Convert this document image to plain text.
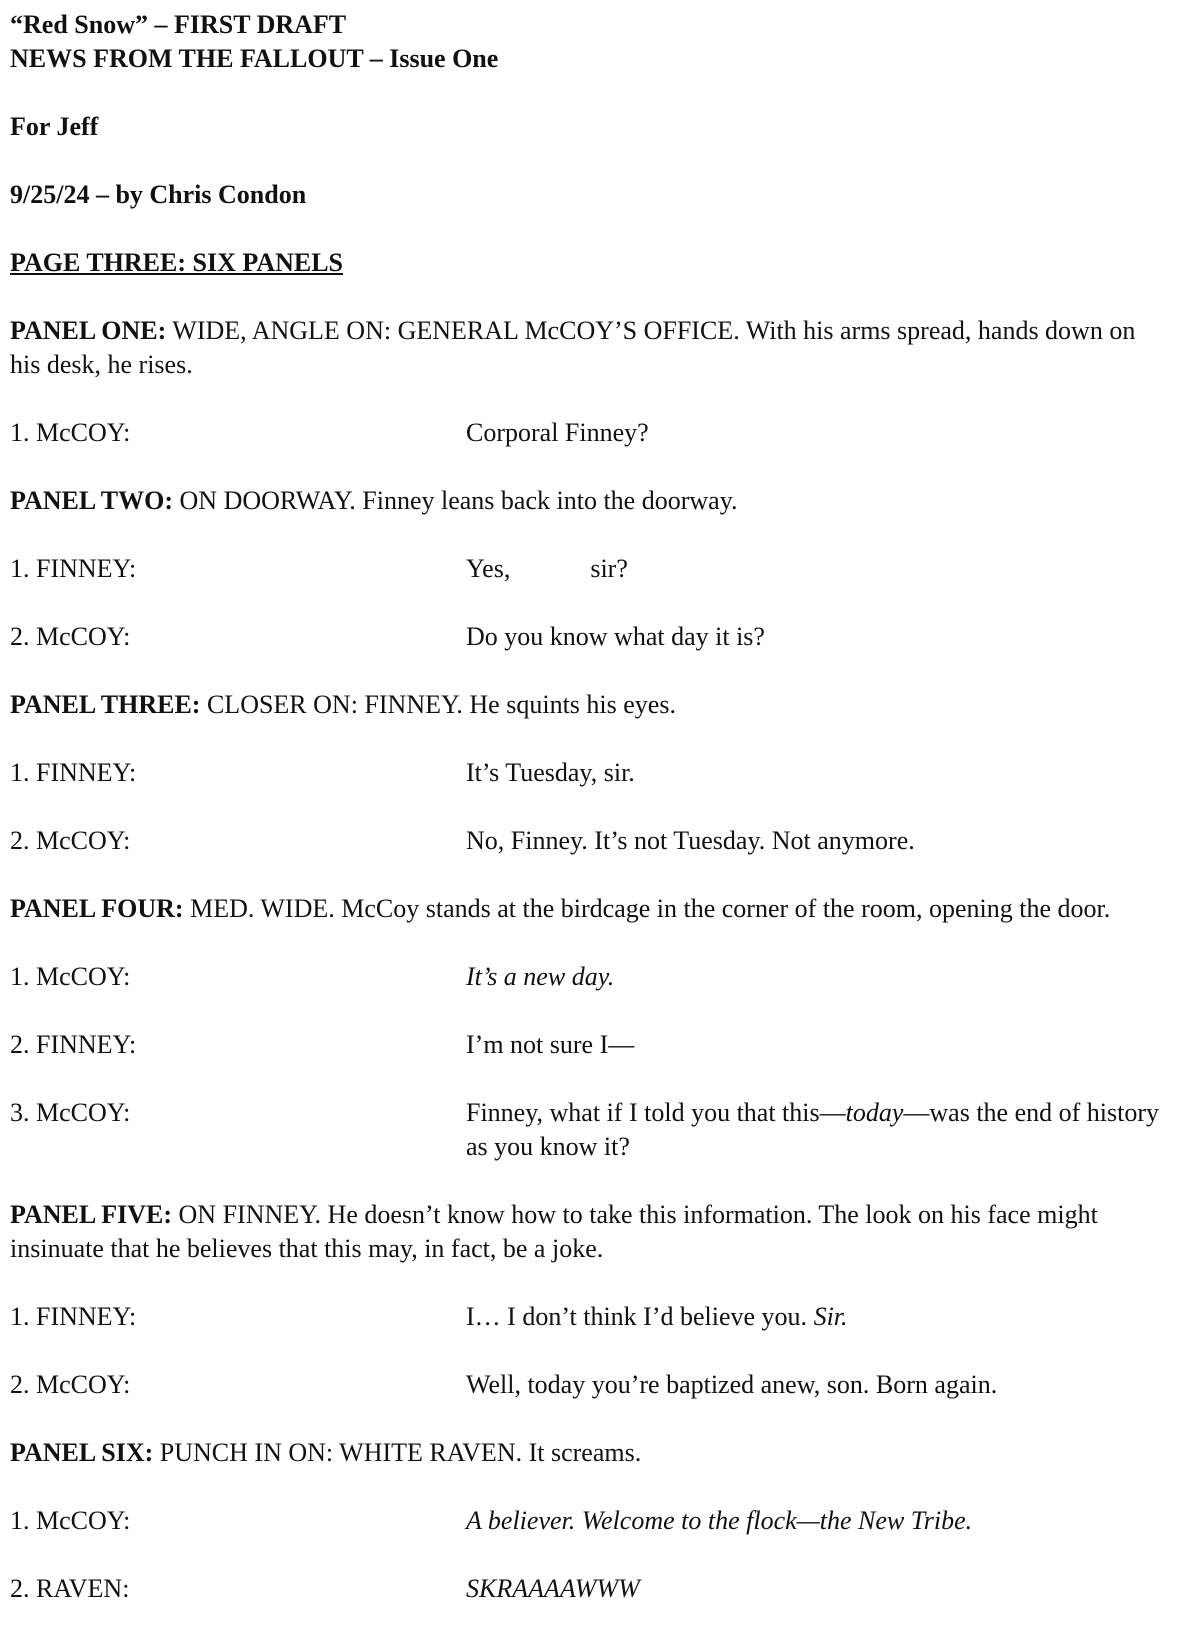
“Red Snow” – FIRST DRAFT

NEWS FROM THE FALLOUT – Issue One

For Jeff

9/25/24 – by Chris Condon

PAGE THREE: SIX PANELS

PANEL ONE: WIDE, ANGLE ON: GENERAL McCOY’S OFFICE. With his arms spread, hands down on his desk, he rises.

1. McCOY:	Corporal Finney?

PANEL TWO: ON DOORWAY. Finney leans back into the doorway.

1. FINNEY:	Yes,	sir?
2. McCOY:	Do you know what day it is?

PANEL THREE: CLOSER ON: FINNEY. He squints his eyes.

1. FINNEY:	It’s Tuesday, sir.
2. McCOY:	No, Finney. It’s not Tuesday. Not anymore.

PANEL FOUR: MED. WIDE. McCoy stands at the birdcage in the corner of the room, opening the door.

1. McCOY:	It’s a new day.
2. FINNEY:	I’m not sure I—
3. McCOY:	Finney, what if I told you that this—today—was the end of history as you know it?

PANEL FIVE: ON FINNEY. He doesn’t know how to take this information. The look on his face might insinuate that he believes that this may, in fact, be a joke.

1. FINNEY:	I… I don’t think I’d believe you. Sir.
2. McCOY:	Well, today you’re baptized anew, son. Born again.

PANEL SIX: PUNCH IN ON: WHITE RAVEN. It screams.

1. McCOY:	A believer. Welcome to the flock—the New Tribe.
2. RAVEN:	SKRAAAAWWW
